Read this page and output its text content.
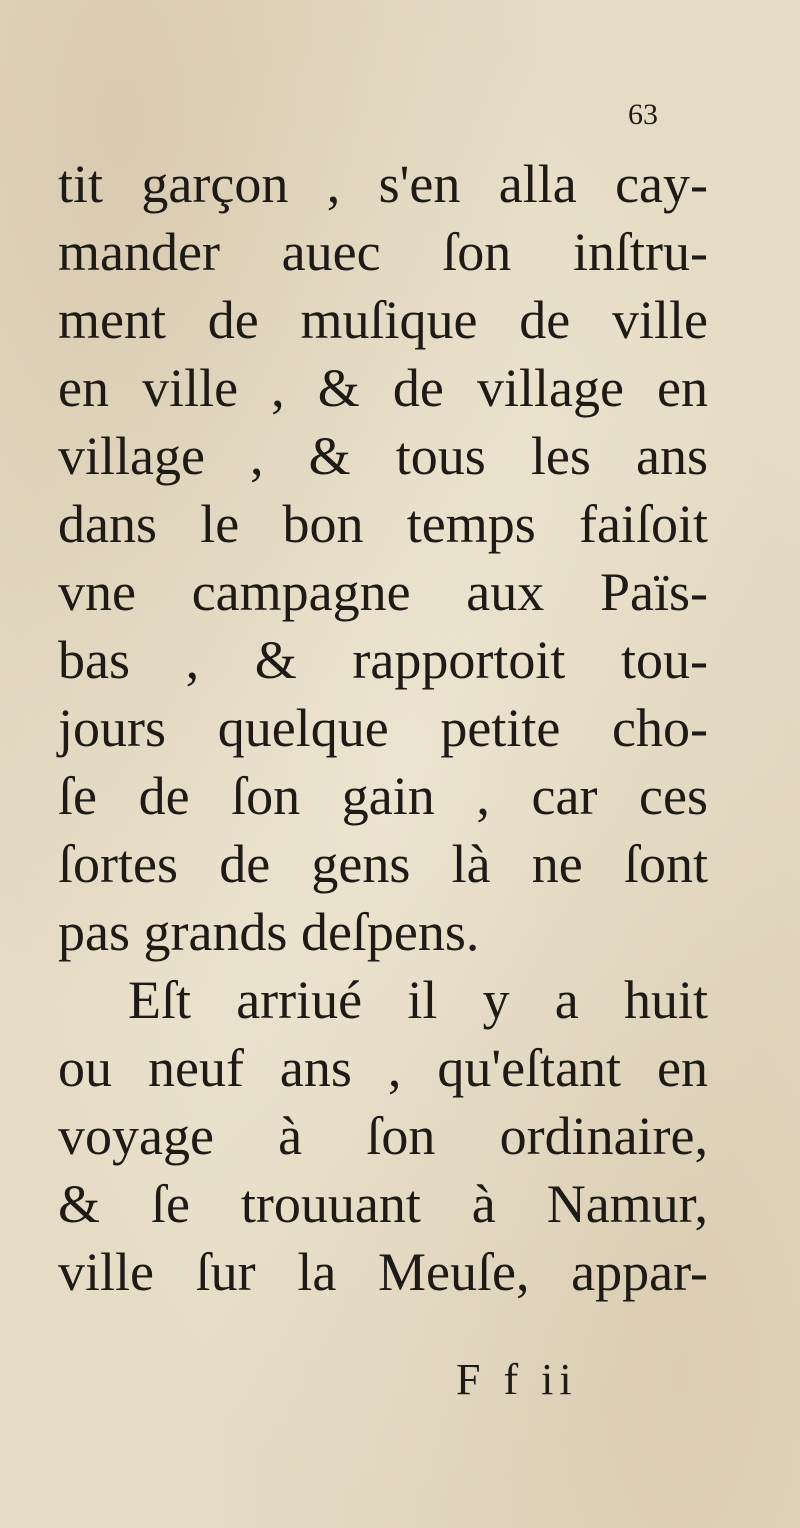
63
tit garçon , s'en alla cay-
mander auec ſon inſtru-
ment de muſique de ville
en ville , & de village en
village , & tous les ans
dans le bon temps faiſoit
vne campagne aux Païs-
bas , & rapportoit tou-
jours quelque petite cho-
ſe de ſon gain , car ces
ſortes de gens là ne ſont
pas grands deſpens.
Eſt arriué il y a huit
ou neuf ans , qu'eſtant en
voyage à ſon ordinaire,
& ſe trouuant à Namur,
ville ſur la Meuſe, appar-
F f ii
